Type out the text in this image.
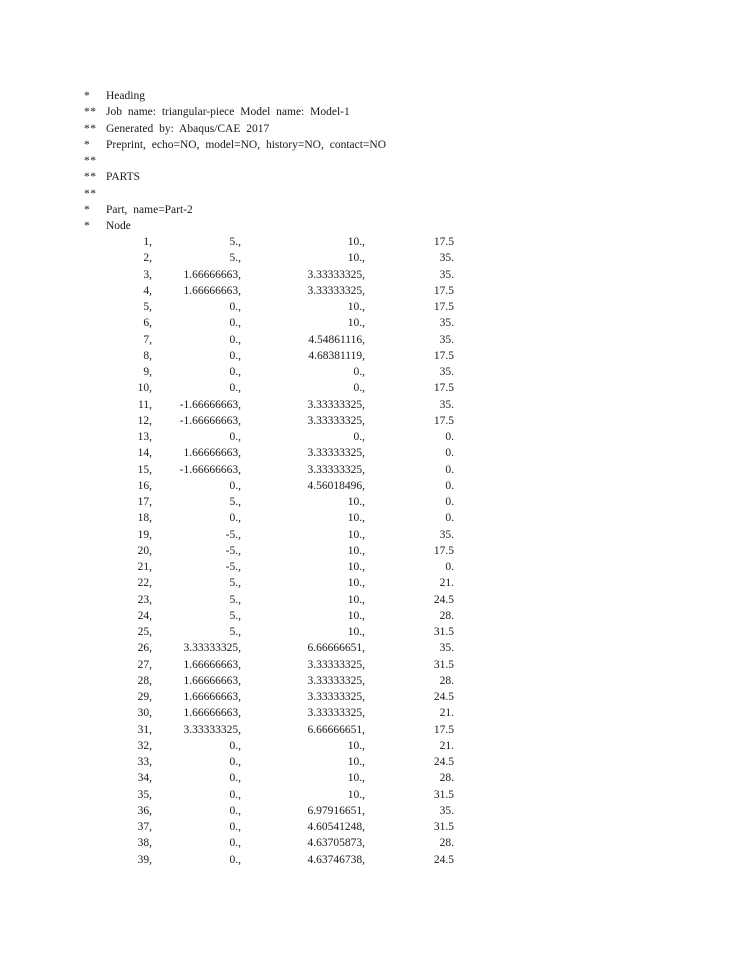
*	Heading
** Job name: triangular-piece Model name: Model-1
** Generated by: Abaqus/CAE 2017
*	Preprint, echo=NO, model=NO, history=NO, contact=NO
**
** PARTS
**
*	Part, name=Part-2
*	Node
1,	5.,	10.,	17.5
2,	5.,	10.,	35.
3,	1.66666663,	3.33333325,	35.
4,	1.66666663,	3.33333325,	17.5
5,	0.,	10.,	17.5
6,	0.,	10.,	35.
7,	0.,	4.54861116,	35.
8,	0.,	4.68381119,	17.5
9,	0.,	0.,	35.
10,	0.,	0.,	17.5
11,	-1.66666663,	3.33333325,	35.
12,	-1.66666663,	3.33333325,	17.5
13,	0.,	0.,	0.
14,	1.66666663,	3.33333325,	0.
15,	-1.66666663,	3.33333325,	0.
16,	0.,	4.56018496,	0.
17,	5.,	10.,	0.
18,	0.,	10.,	0.
19,	-5.,	10.,	35.
20,	-5.,	10.,	17.5
21,	-5.,	10.,	0.
22,	5.,	10.,	21.
23,	5.,	10.,	24.5
24,	5.,	10.,	28.
25,	5.,	10.,	31.5
26,	3.33333325,	6.66666651,	35.
27,	1.66666663,	3.33333325,	31.5
28,	1.66666663,	3.33333325,	28.
29,	1.66666663,	3.33333325,	24.5
30,	1.66666663,	3.33333325,	21.
31,	3.33333325,	6.66666651,	17.5
32,	0.,	10.,	21.
33,	0.,	10.,	24.5
34,	0.,	10.,	28.
35,	0.,	10.,	31.5
36,	0.,	6.97916651,	35.
37,	0.,	4.60541248,	31.5
38,	0.,	4.63705873,	28.
39,	0.,	4.63746738,	24.5
